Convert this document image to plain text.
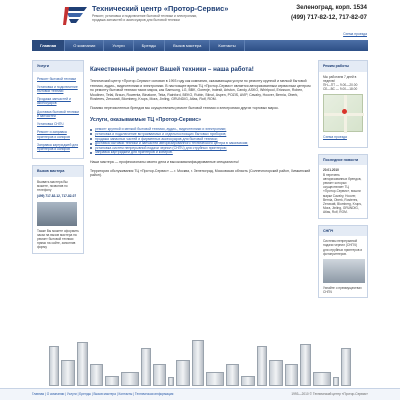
Технический центр «Протор-Сервис»
Ремонт, установка и подключение бытовой техники и электроники,
продажа запчастей и аксессуаров для бытовой техники
Зеленоград, корп. 1534
(499) 717-82-12, 717-82-07
Схема проезда
Главная	О компании	Услуги	Бренды	Вызов мастера	Контакты
Услуги
Ремонт бытовой техники
Установка и подключение бытовой техники
Продажа запчастей и аксессуаров
Доставка бытовой техники и запчастей
Установка СНПЧ
Ремонт и заправка принтеров и копиров
Заправка картриджей для принтеров и копиров
Вызов мастера
Вызвать мастера Вы можете, позвонив по телефону
(499) 717-82-12, 717-82-07
Также Вы можете оформить заказ на вызов мастера на ремонт бытовой техники прямо на сайте, заполнив форму
Качественный ремонт Вашей техники – наша работа!

Технический центр «Протор-Сервис» основан в 1993 году как компания, оказывающая услуги по ремонту крупной и мелкой бытовой техники, аудио-, видеотехники и электроники. В настоящее время ТЦ «Протор-Сервис» является авторизованным сервисным центром по ремонту бытовой техники таких марок, как Samsung, LG, BBK, Gorenje, Indesit, Ariston, Candy, ASKO, Whirlpool, Ericsson, Roben, Moulinex, Tefal, Braun, Rowenta, Binatone, Teka, Rainford, BEKO, Rubin, Stinol, Aspen, POZIS, AVIP, Cavalry, Hoover, Bernia, Oberk, Rosteres, Zerowatt, Blomberg, Krups, Mora, Jinling, GRUNDIG, Atlas, Rolf, ROM.

Помимо перечисленных брендов мы осуществляем ремонт бытовой техники и электроники других торговых марок.

Услуги, оказываемые ТЦ «Протор-Сервис»
ремонт крупной и мелкой бытовой техники, аудио-, видеотехники и электроники;
установка и подключение встраиваемых и отдельностоящих бытовых приборов;
продажа запасных частей и фирменных аксессуаров для бытовой техники;
доставка бытовой техники и запчастей авторизированного технического центра в заказчикам;
установка систем непрерывной подачи чернил (СНПЧ) для струйных принтеров;
заправка картриджей для принтеров и копиров.

Наши мастера — профессионалы своего дела и высококвалифицированные специалисты!

Территория обслуживания ТЦ «Протор-Сервис» — г. Москва, г. Зеленоград, Московская область (Солнечногорский район, Химкинский район).

Режим работы
Мы работаем 7 дней в неделю!
ПН—ПТ — 9.00—20.00
СБ—ВС — 9.00—18.00
Схема проезда
Последние новости
20.01.2010
В перечень авторизованных брендов, ремонт которых осуществляет ТЦ «Протор-Сервис», вошли марки Cavalry, Hoover, Bernia, Oberk, Rosteres, Zerowatt, Blomberg, Krups, Mora, Jinling, GRUNDIG, Atlas, Rolf, ROM.
СНПЧ
Системы непрерывной подачи чернил (СНПЧ) для струйных принтеров и фотопринтеров.
Узнайте о преимуществах СНПЧ
Главная | О компании | Услуги | Бренды | Вызов мастера | Контакты | Техническая информация	1993—2010 © Технический центр «Протор-Сервис»
